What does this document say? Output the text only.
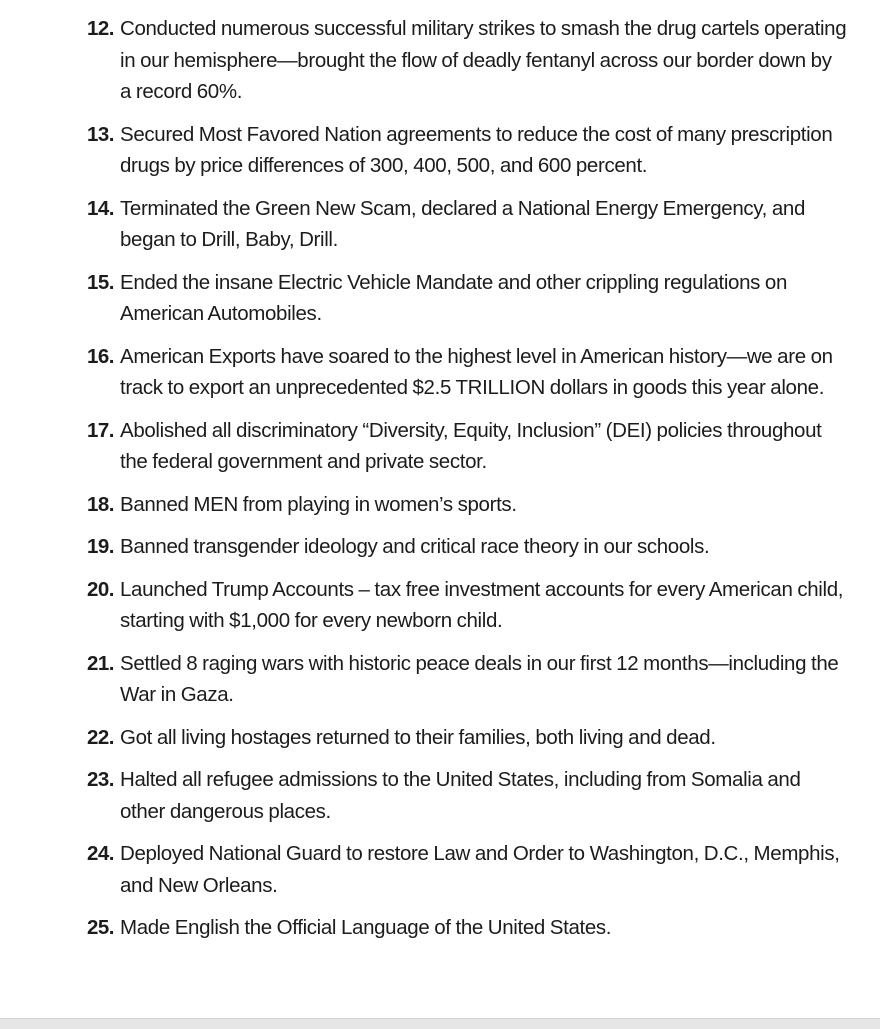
12. Conducted numerous successful military strikes to smash the drug cartels operating in our hemisphere—brought the flow of deadly fentanyl across our border down by a record 60%.
13. Secured Most Favored Nation agreements to reduce the cost of many prescription drugs by price differences of 300, 400, 500, and 600 percent.
14. Terminated the Green New Scam, declared a National Energy Emergency, and began to Drill, Baby, Drill.
15. Ended the insane Electric Vehicle Mandate and other crippling regulations on American Automobiles.
16. American Exports have soared to the highest level in American history—we are on track to export an unprecedented $2.5 TRILLION dollars in goods this year alone.
17. Abolished all discriminatory “Diversity, Equity, Inclusion” (DEI) policies throughout the federal government and private sector.
18. Banned MEN from playing in women’s sports.
19. Banned transgender ideology and critical race theory in our schools.
20. Launched Trump Accounts – tax free investment accounts for every American child, starting with $1,000 for every newborn child.
21. Settled 8 raging wars with historic peace deals in our first 12 months—including the War in Gaza.
22. Got all living hostages returned to their families, both living and dead.
23. Halted all refugee admissions to the United States, including from Somalia and other dangerous places.
24. Deployed National Guard to restore Law and Order to Washington, D.C., Memphis, and New Orleans.
25. Made English the Official Language of the United States.
